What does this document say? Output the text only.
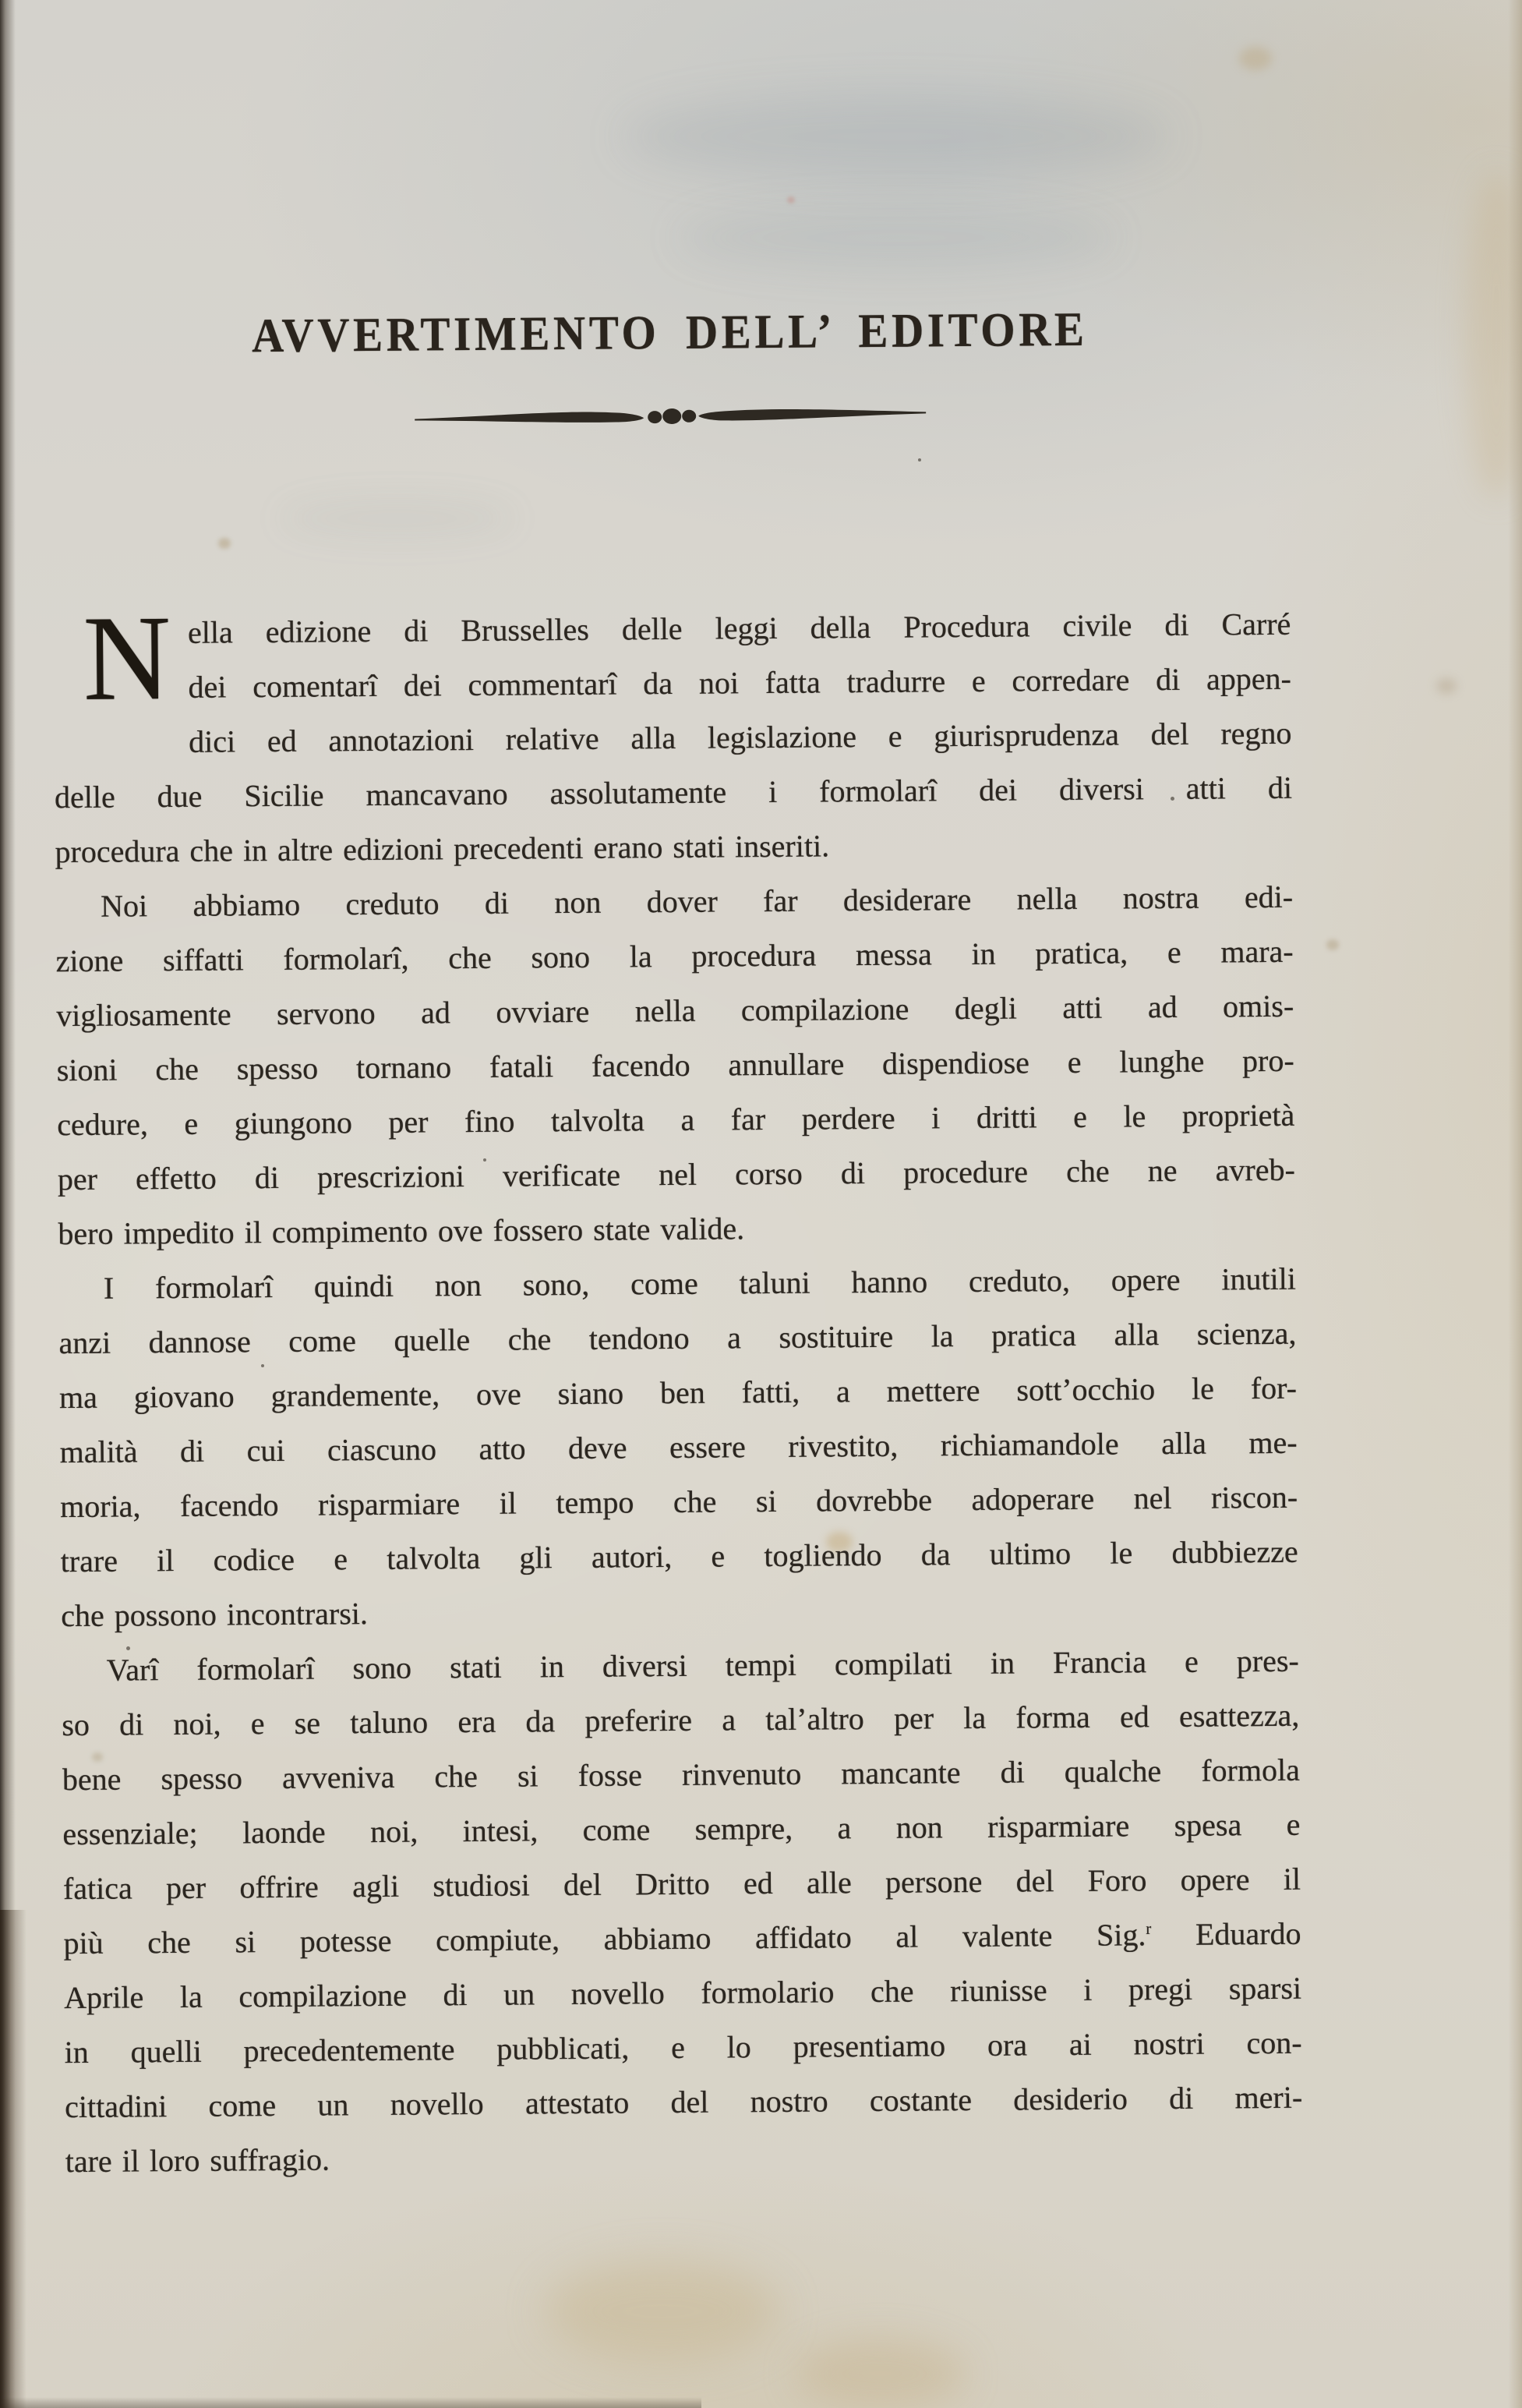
AVVERTIMENTO DELL’ EDITORE
N ella edizione di Brusselles delle leggi della Procedura civile di Carré
dei comentarî dei commentarî da noi fatta tradurre e corredare di appen-
dici ed annotazioni relative alla legislazione e giurisprudenza del regno
delle due Sicilie mancavano assolutamente i formolarî dei diversi atti di
procedura che in altre edizioni precedenti erano stati inseriti.
Noi abbiamo creduto di non dover far desiderare nella nostra edi-
zione siffatti formolarî, che sono la procedura messa in pratica, e mara-
vigliosamente servono ad ovviare nella compilazione degli atti ad omis-
sioni che spesso tornano fatali facendo annullare dispendiose e lunghe pro-
cedure, e giungono per fino talvolta a far perdere i dritti e le proprietà
per effetto di prescrizioni verificate nel corso di procedure che ne avreb-
bero impedito il compimento ove fossero state valide.
I formolarî quindi non sono, come taluni hanno creduto, opere inutili
anzi dannose come quelle che tendono a sostituire la pratica alla scienza,
ma giovano grandemente, ove siano ben fatti, a mettere sott’occhio le for-
malità di cui ciascuno atto deve essere rivestito, richiamandole alla me-
moria, facendo risparmiare il tempo che si dovrebbe adoperare nel riscon-
trare il codice e talvolta gli autori, e togliendo da ultimo le dubbiezze
che possono incontrarsi.
Varî formolarî sono stati in diversi tempi compilati in Francia e pres-
so di noi, e se taluno era da preferire a tal’altro per la forma ed esattezza,
bene spesso avveniva che si fosse rinvenuto mancante di qualche formola
essenziale; laonde noi, intesi, come sempre, a non risparmiare spesa e
fatica per offrire agli studiosi del Dritto ed alle persone del Foro opere il
più che si potesse compiute, abbiamo affidato al valente Sig.$^r$ Eduardo
Aprile la compilazione di un novello formolario che riunisse i pregi sparsi
in quelli precedentemente pubblicati, e lo presentiamo ora ai nostri con-
cittadini come un novello attestato del nostro costante desiderio di meri-
tare il loro suffragio.
